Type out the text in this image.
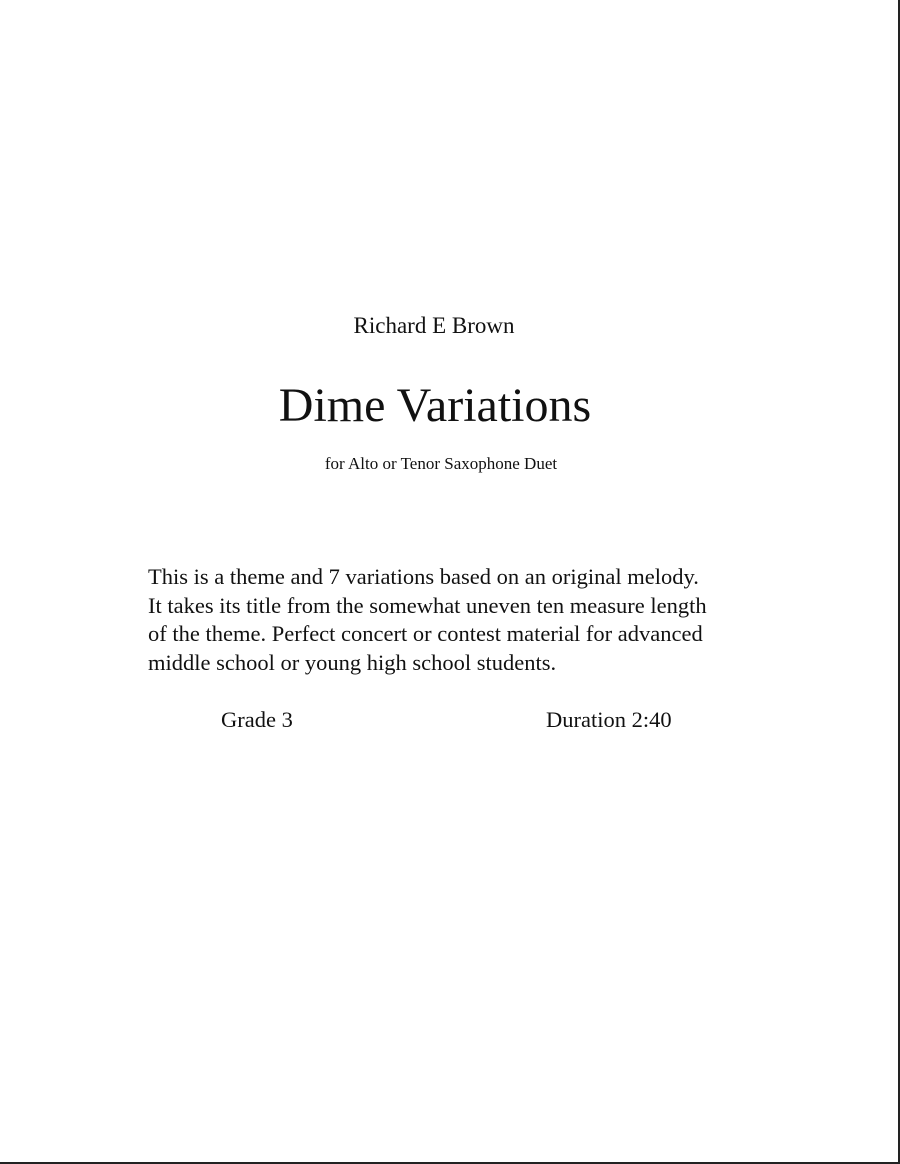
Richard E Brown
Dime Variations
for Alto or Tenor Saxophone Duet
This is a theme and 7 variations based on an original melody.
It takes its title from the somewhat uneven ten measure length
of the theme. Perfect concert or contest material for advanced
middle school or young high school students.
Grade 3	Duration 2:40
